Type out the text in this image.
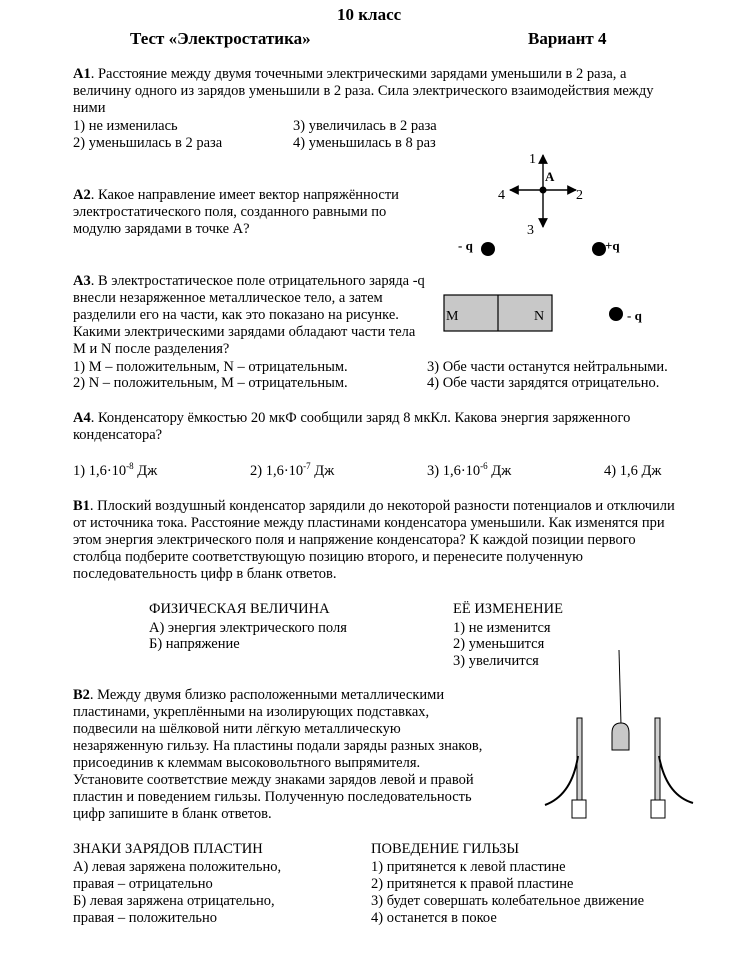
10 класс
Тест «Электростатика»	Вариант 4
А1. Расстояние между двумя точечными электрическими зарядами уменьшили в 2 раза, а величину одного из зарядов уменьшили в 2 раза. Сила электрического взаимодействия между ними
1) не изменилась
2) уменьшилась в 2 раза
3) увеличилась в 2 раза
4) уменьшилась в 8 раз
А2. Какое направление имеет вектор напряжённости электростатического поля, созданного равными по модулю зарядами в точке А?
А3. В электростатическое поле отрицательного заряда -q внесли незаряженное металлическое тело, а затем разделили его на части, как это показано на рисунке. Какими электрическими зарядами обладают части тела M и N после разделения?
1) M – положительным, N – отрицательным.
2) N – положительным, M – отрицательным.
3) Обе части останутся нейтральными.
4) Обе части зарядятся отрицательно.
А4. Конденсатору ёмкостью 20 мкФ сообщили заряд 8 мкКл. Какова энергия заряженного конденсатора?
1) $1,6\cdot 10^{-8}$ Дж	2) $1,6\cdot 10^{-7}$ Дж	3) $1,6\cdot 10^{-6}$ Дж	4) 1,6 Дж
В1. Плоский воздушный конденсатор зарядили до некоторой разности потенциалов и отключили от источника тока. Расстояние между пластинами конденсатора уменьшили. Как изменятся при этом энергия электрического поля и напряжение конденсатора? К каждой позиции первого столбца подберите соответствующую позицию второго, и перенесите полученную последовательность цифр в бланк ответов.
ФИЗИЧЕСКАЯ ВЕЛИЧИНА
А) энергия электрического поля
Б) напряжение
ЕЁ ИЗМЕНЕНИЕ
1) не изменится
2) уменьшится
3) увеличится
В2. Между двумя близко расположенными металлическими пластинами, укреплёнными на изолирующих подставках, подвесили на шёлковой нити лёгкую металлическую незаряженную гильзу. На пластины подали заряды разных знаков, присоединив к клеммам высоковольтного выпрямителя. Установите соответствие между знаками зарядов левой и правой пластин и поведением гильзы. Полученную последовательность цифр запишите в бланк ответов.
ЗНАКИ ЗАРЯДОВ ПЛАСТИН
А) левая заряжена положительно,
правая – отрицательно
Б) левая заряжена отрицательно,
правая – положительно
ПОВЕДЕНИЕ ГИЛЬЗЫ
1) притянется к левой пластине
2) притянется к правой пластине
3) будет совершать колебательное движение
4) останется в покое
1
2
3
4
A
- q	+q
M	N	- q
